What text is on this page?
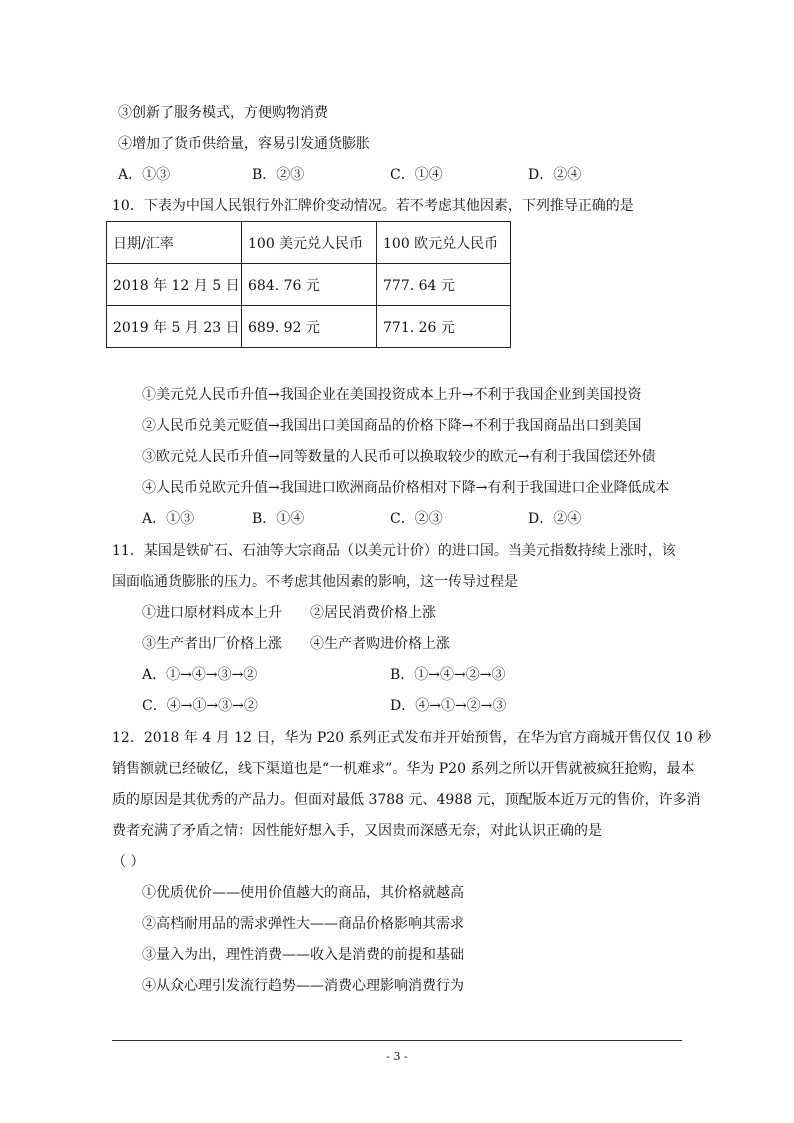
③创新了服务模式，方便购物消费
④增加了货币供给量，容易引发通货膨胀
A．①③	B．②③	C．①④	D．②④
10．下表为中国人民银行外汇牌价变动情况。若不考虑其他因素，下列推导正确的是
日期/汇率	100 美元兑人民币	100 欧元兑人民币
2018 年 12 月 5 日	684. 76 元	777. 64 元
2019 年 5 月 23 日	689. 92 元	771. 26 元
①美元兑人民币升值→我国企业在美国投资成本上升→不利于我国企业到美国投资
②人民币兑美元贬值→我国出口美国商品的价格下降→不利于我国商品出口到美国
③欧元兑人民币升值→同等数量的人民币可以换取较少的欧元→有利于我国偿还外债
④人民币兑欧元升值→我国进口欧洲商品价格相对下降→有利于我国进口企业降低成本
A．①③	B．①④	C．②③	D．②④
11．某国是铁矿石、石油等大宗商品（以美元计价）的进口国。当美元指数持续上涨时，该
国面临通货膨胀的压力。不考虑其他因素的影响，这一传导过程是
①进口原材料成本上升 ②居民消费价格上涨
③生产者出厂价格上涨 ④生产者购进价格上涨
A．①→④→③→②	B．①→④→②→③
C．④→①→③→②	D．④→①→②→③
12．2018 年 4 月 12 日，华为 P20 系列正式发布并开始预售，在华为官方商城开售仅仅 10 秒
销售额就已经破亿，线下渠道也是“一机难求”。华为 P20 系列之所以开售就被疯狂抢购，最本
质的原因是其优秀的产品力。但面对最低 3788 元、4988 元，顶配版本近万元的售价，许多消
费者充满了矛盾之情：因性能好想入手，又因贵而深感无奈，对此认识正确的是
（ ）
①优质优价——使用价值越大的商品，其价格就越高
②高档耐用品的需求弹性大——商品价格影响其需求
③量入为出，理性消费——收入是消费的前提和基础
④从众心理引发流行趋势——消费心理影响消费行为
- 3 -
